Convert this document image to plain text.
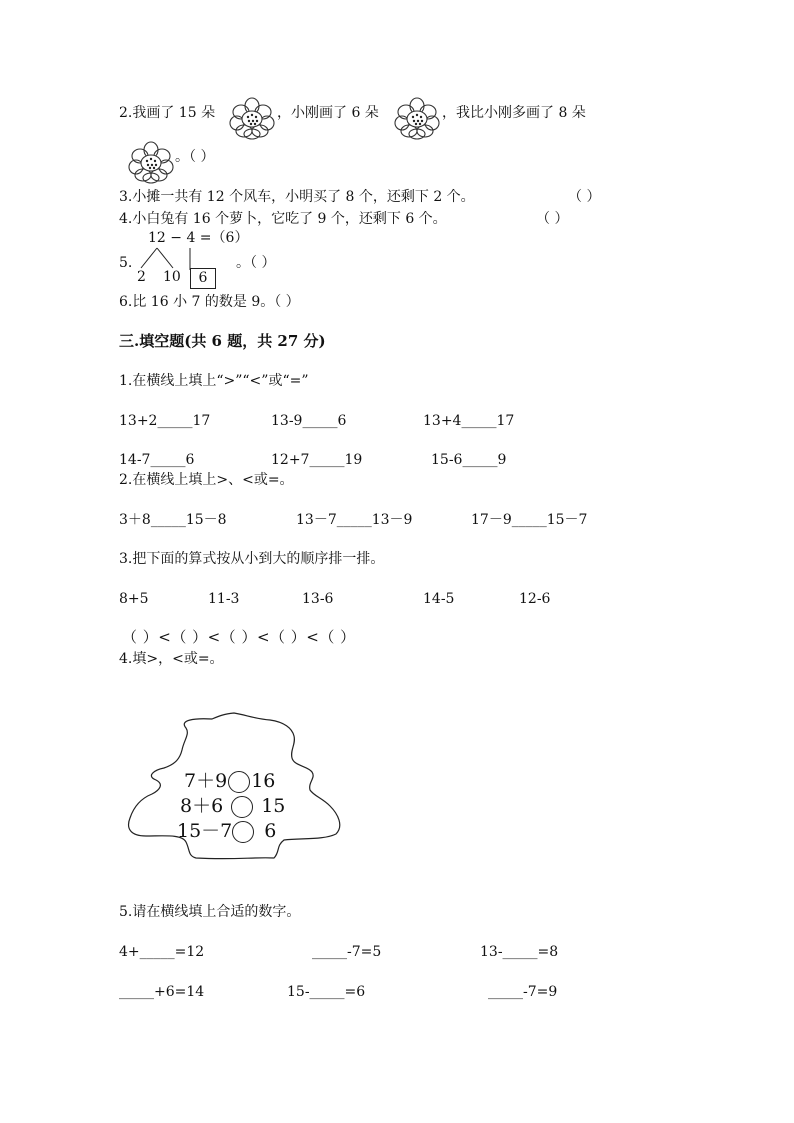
2.我画了 15 朵	，小刚画了 6 朵	，我比小刚多画了 8 朵
。（ ）
3.小摊一共有 12 个风车，小明买了 8 个，还剩下 2 个。	（ ）
4.小白兔有 16 个萝卜，它吃了 9 个，还剩下 6 个。	（ ）
12 − 4 =（6）
5.
2 10	6
。（ ）
6.比 16 小 7 的数是 9。（ ）
三.填空题(共 6 题，共 27 分)
1.在横线上填上“>”“<”或“=”
13+2_____17	13-9_____6	13+4_____17
14-7_____6	12+7_____19	15-6_____9
2.在横线上填上>、<或=。
3＋8_____15－8	13－7_____13－9	17－9_____15－7
3.把下面的算式按从小到大的顺序排一排。
8+5	11-3	13-6	14-5	12-6
（ ）<（ ）<（ ）<（ ）<（ ）
4.填>，<或=。
7＋9 16
8＋6 15
15－7 6
5.请在横线填上合适的数字。
4+_____=12	_____-7=5	13-_____=8
_____+6=14	15-_____=6	_____-7=9
